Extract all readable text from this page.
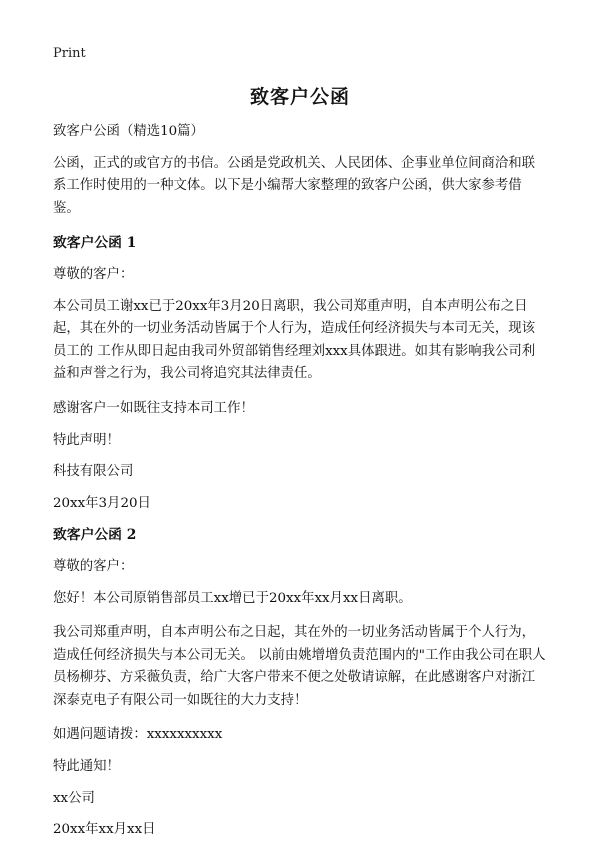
Print
致客户公函

致客户公函（精选10篇）

公函，正式的或官方的书信。公函是党政机关、人民团体、企事业单位间商洽和联系工作时使用的一种文体。以下是小编帮大家整理的致客户公函，供大家参考借鉴。

致客户公函 1

尊敬的客户：

本公司员工谢xx已于20xx年3月20日离职，我公司郑重声明，自本声明公布之日起，其在外的一切业务活动皆属于个人行为，造成任何经济损失与本司无关，现该员工的 工作从即日起由我司外贸部销售经理刘xxx具体跟进。如其有影响我公司利益和声誉之行为，我公司将追究其法律责任。

感谢客户一如既往支持本司工作！

特此声明！

科技有限公司

20xx年3月20日

致客户公函 2

尊敬的客户：

您好！本公司原销售部员工xx增已于20xx年xx月xx日离职。

我公司郑重声明，自本声明公布之日起，其在外的一切业务活动皆属于个人行为，造成任何经济损失与本公司无关。 以前由姚增增负责范围内的"工作由我公司在职人员杨柳芬、方采薇负责，给广大客户带来不便之处敬请谅解，在此感谢客户对浙江深泰克电子有限公司一如既往的大力支持！

如遇问题请拨：xxxxxxxxxx

特此通知！

xx公司

20xx年xx月xx日
